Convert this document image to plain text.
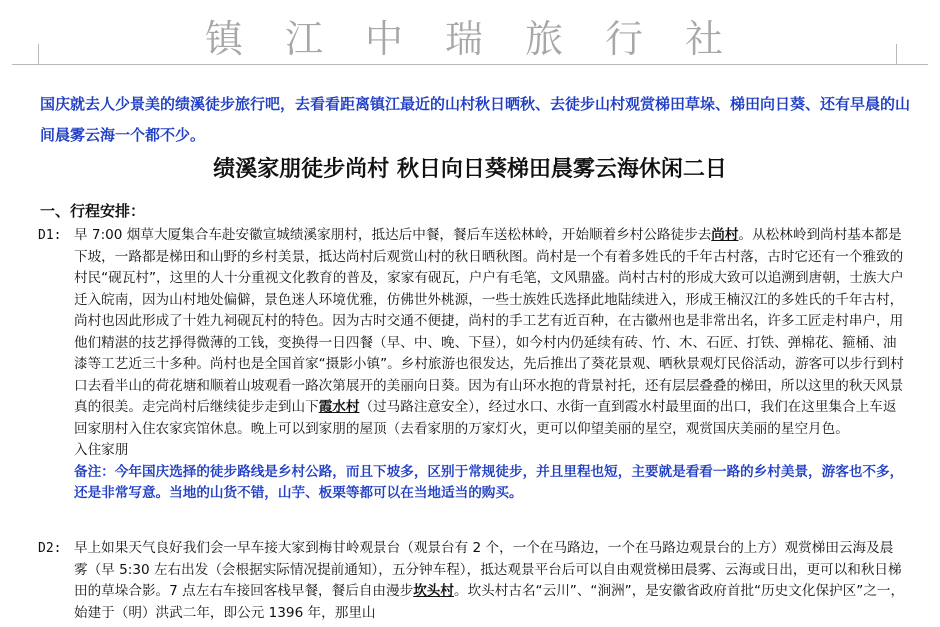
镇江中瑞旅行社
国庆就去人少景美的绩溪徒步旅行吧，去看看距离镇江最近的山村秋日晒秋、去徒步山村观赏梯田草垛、梯田向日葵、还有早晨的山间晨雾云海一个都不少。
绩溪家朋徒步尚村 秋日向日葵梯田晨雾云海休闲二日
一、行程安排：
D1: 早 7:00 烟草大厦集合车赴安徽宣城绩溪家朋村，抵达后中餐，餐后车送松林岭，开始顺着乡村公路徒步去尚村。从松林岭到尚村基本都是下坡，一路都是梯田和山野的乡村美景，抵达尚村后观赏山村的秋日晒秋图。尚村是一个有着多姓氏的千年古村落，古时它还有一个雅致的村民“砚瓦村”，这里的人十分重视文化教育的普及，家家有砚瓦，户户有毛笔，文风鼎盛。尚村古村的形成大致可以追溯到唐朝，士族大户迁入皖南，因为山村地处偏僻，景色迷人环境优雅，仿佛世外桃源，一些士族姓氏选择此地陆续进入，形成王楠汉江的多姓氏的千年古村，尚村也因此形成了十姓九祠砚瓦村的特色。因为古时交通不便捷，尚村的手工艺有近百种，在古徽州也是非常出名，许多工匠走村串户，用他们精湛的技艺掙得微薄的工钱，变换得一日四餐（早、中、晚、下昼），如今村内仍延续有砖、竹、木、石匠、打铁、弹棉花、箍桶、油漆等工艺近三十多种。尚村也是全国首家“摄影小镇”。乡村旅游也很发达，先后推出了葵花景观、晒秋景观灯民俗活动，游客可以步行到村口去看半山的荷花塘和顺着山坡观看一路次第展开的美丽向日葵。因为有山环水抱的背景衬托，还有层层叠叠的梯田，所以这里的秋天风景真的很美。走完尚村后继续徒步走到山下霞水村（过马路注意安全），经过水口、水街一直到霞水村最里面的出口，我们在这里集合上车返回家朋村入住农家宾馆休息。晚上可以到家朋的屋顶（去看家朋的万家灯火，更可以仰望美丽的星空，观赏国庆美丽的星空月色。　　　　　　　入住家朋
备注：今年国庆选择的徒步路线是乡村公路，而且下坡多，区别于常规徒步，并且里程也短，主要就是看看一路的乡村美景，游客也不多，还是非常写意。当地的山货不错，山芋、板栗等都可以在当地适当的购买。
D2: 早上如果天气良好我们会一早车接大家到梅甘岭观景台（观景台有 2 个，一个在马路边，一个在马路边观景台的上方）观赏梯田云海及晨雾（早 5:30 左右出发（会根据实际情况提前通知），五分钟车程），抵达观景平台后可以自由观赏梯田晨雾、云海或日出，更可以和秋日梯田的草垛合影。7 点左右车接回客栈早餐，餐后自由漫步坎头村。坎头村古名“云川”、“涧洲”，是安徽省政府首批“历史文化保护区”之一，始建于（明）洪武二年，即公元 1396 年，那里山
